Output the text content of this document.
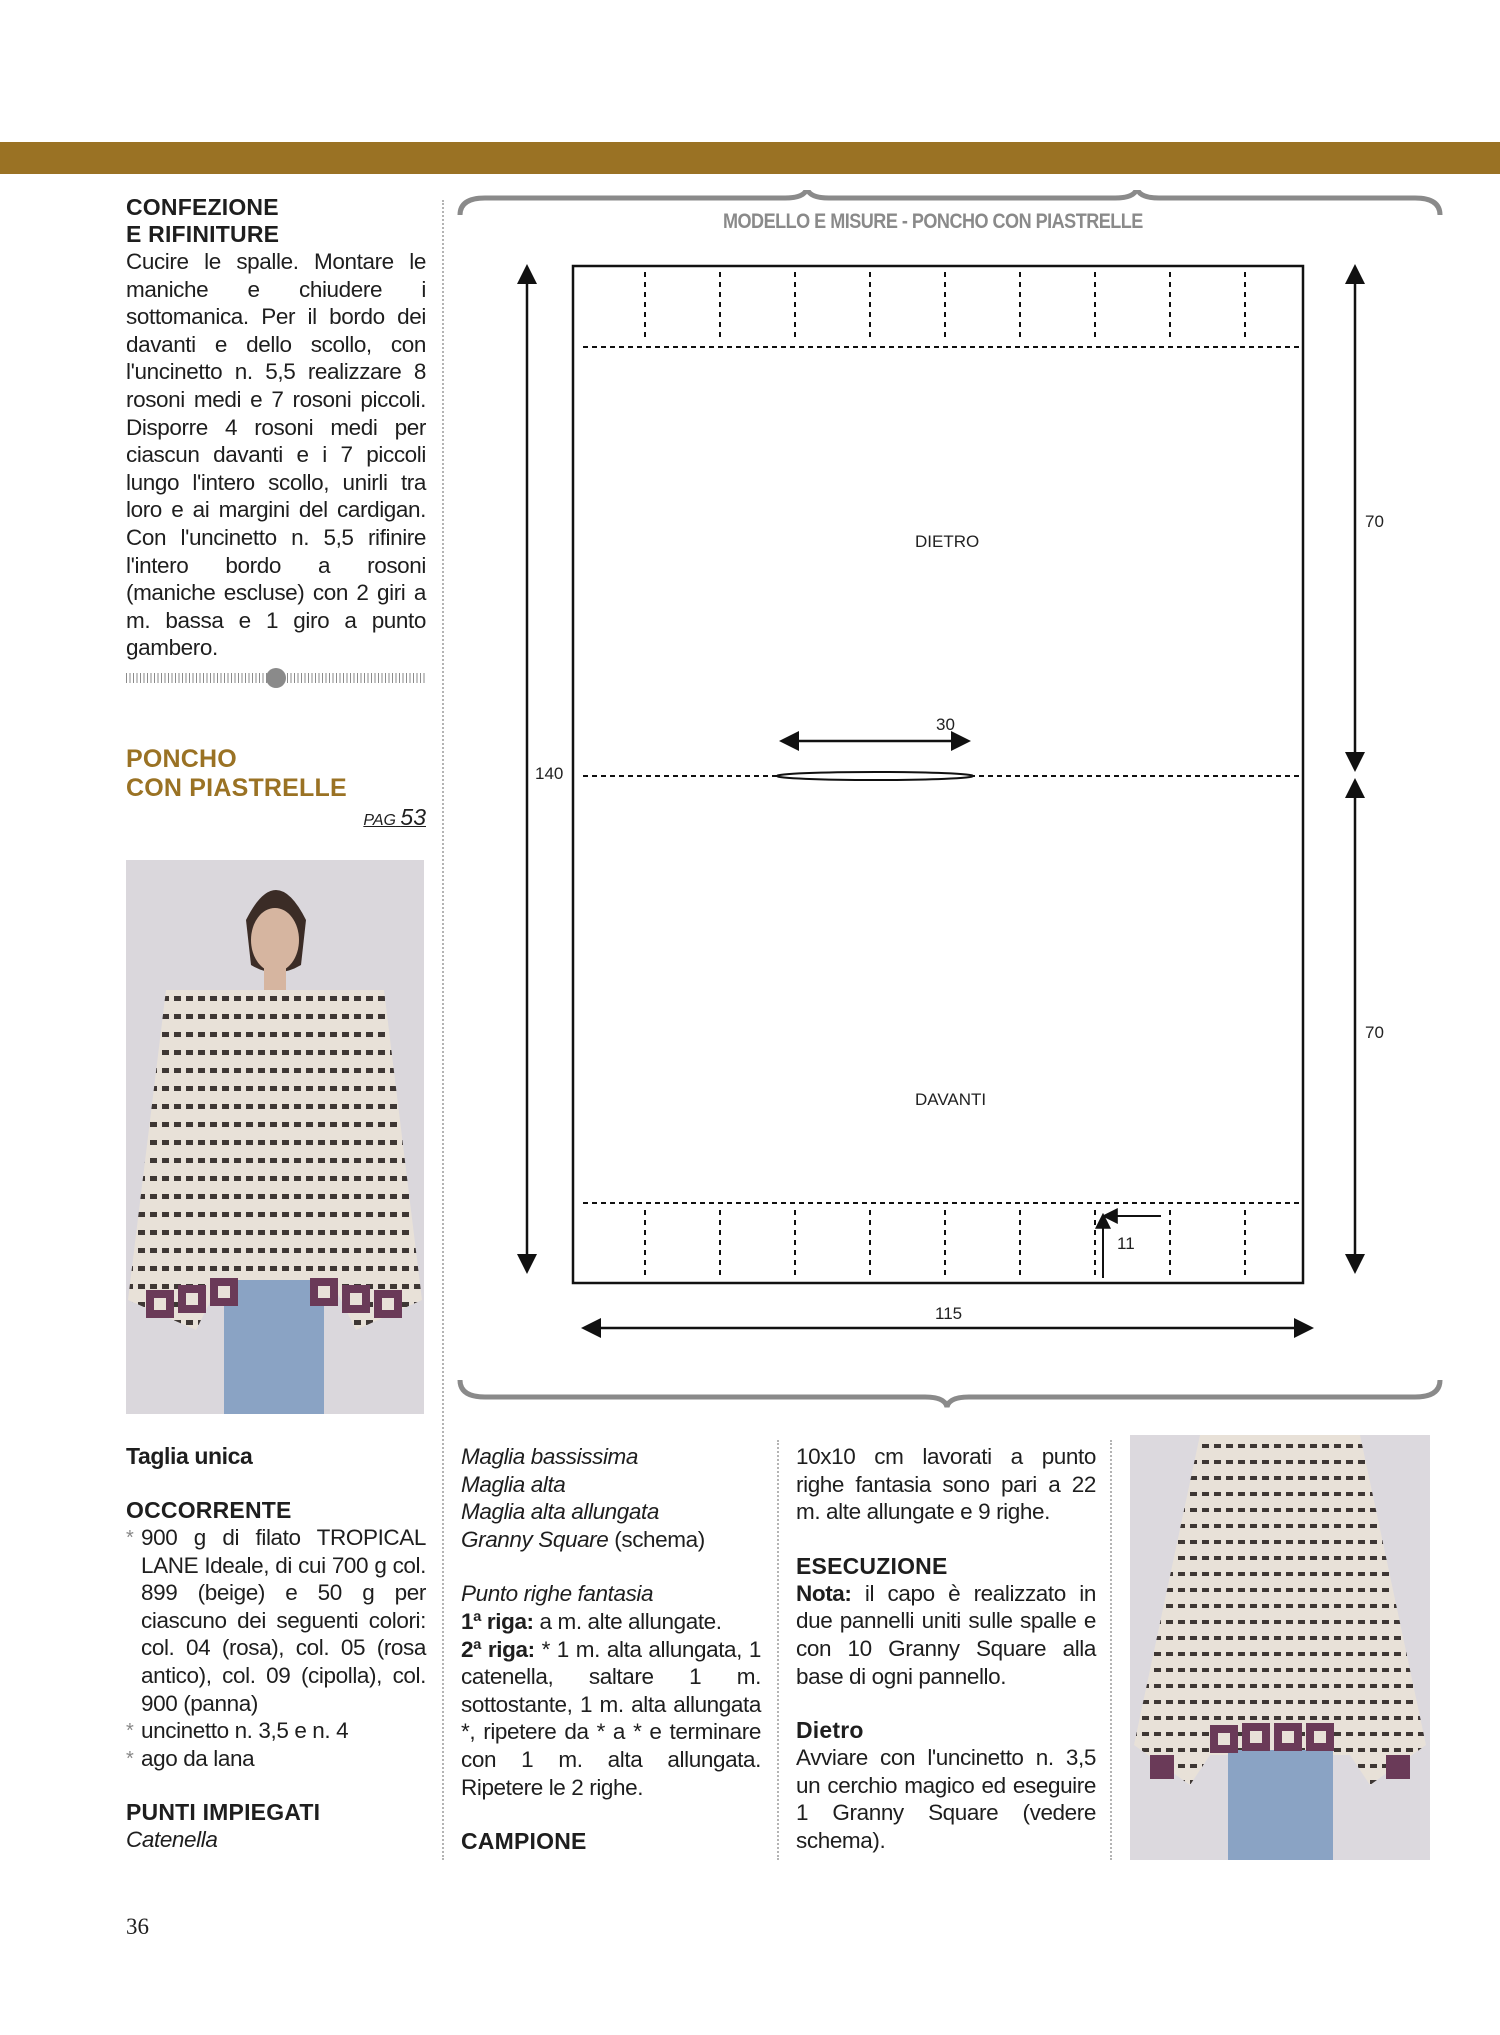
CONFEZIONE
E RIFINITURE
Cucire le spalle. Montare le maniche e chiudere i sottomanica. Per il bordo dei davanti e dello scollo, con l'uncinetto n. 5,5 realizzare 8 rosoni medi e 7 rosoni piccoli. Disporre 4 rosoni medi per ciascun davanti e i 7 piccoli lungo l'intero scollo, unirli tra loro e ai margini del cardigan. Con l'uncinetto n. 5,5 rifinire l'intero bordo a rosoni (maniche escluse) con 2 giri a m. bassa e 1 giro a punto gambero.
PONCHO
CON PIASTRELLE
PAG 53
MODELLO E MISURE - PONCHO CON PIASTRELLE
DIETRO
DAVANTI
140
70
70
30
115
11
Taglia unica
OCCORRENTE
* 900 g di filato TROPICAL LANE Ideale, di cui 700 g col. 899 (beige) e 50 g per ciascuno dei seguenti colori: col. 04 (rosa), col. 05 (rosa antico), col. 09 (cipolla), col. 900 (panna)
* uncinetto n. 3,5 e n. 4
* ago da lana
PUNTI IMPIEGATI
Catenella
Maglia bassissima
Maglia alta
Maglia alta allungata
Granny Square (schema)
Punto righe fantasia
1ª riga: a m. alte allungate.
2ª riga: * 1 m. alta allungata, 1 catenella, saltare 1 m. sottostante, 1 m. alta allungata *, ripetere da * a * e terminare con 1 m. alta allungata. Ripetere le 2 righe.
CAMPIONE
10x10 cm lavorati a punto righe fantasia sono pari a 22 m. alte allungate e 9 righe.
ESECUZIONE
Nota: il capo è realizzato in due pannelli uniti sulle spalle e con 10 Granny Square alla base di ogni pannello.
Dietro
Avviare con l'uncinetto n. 3,5 un cerchio magico ed eseguire 1 Granny Square (vedere schema).
36
